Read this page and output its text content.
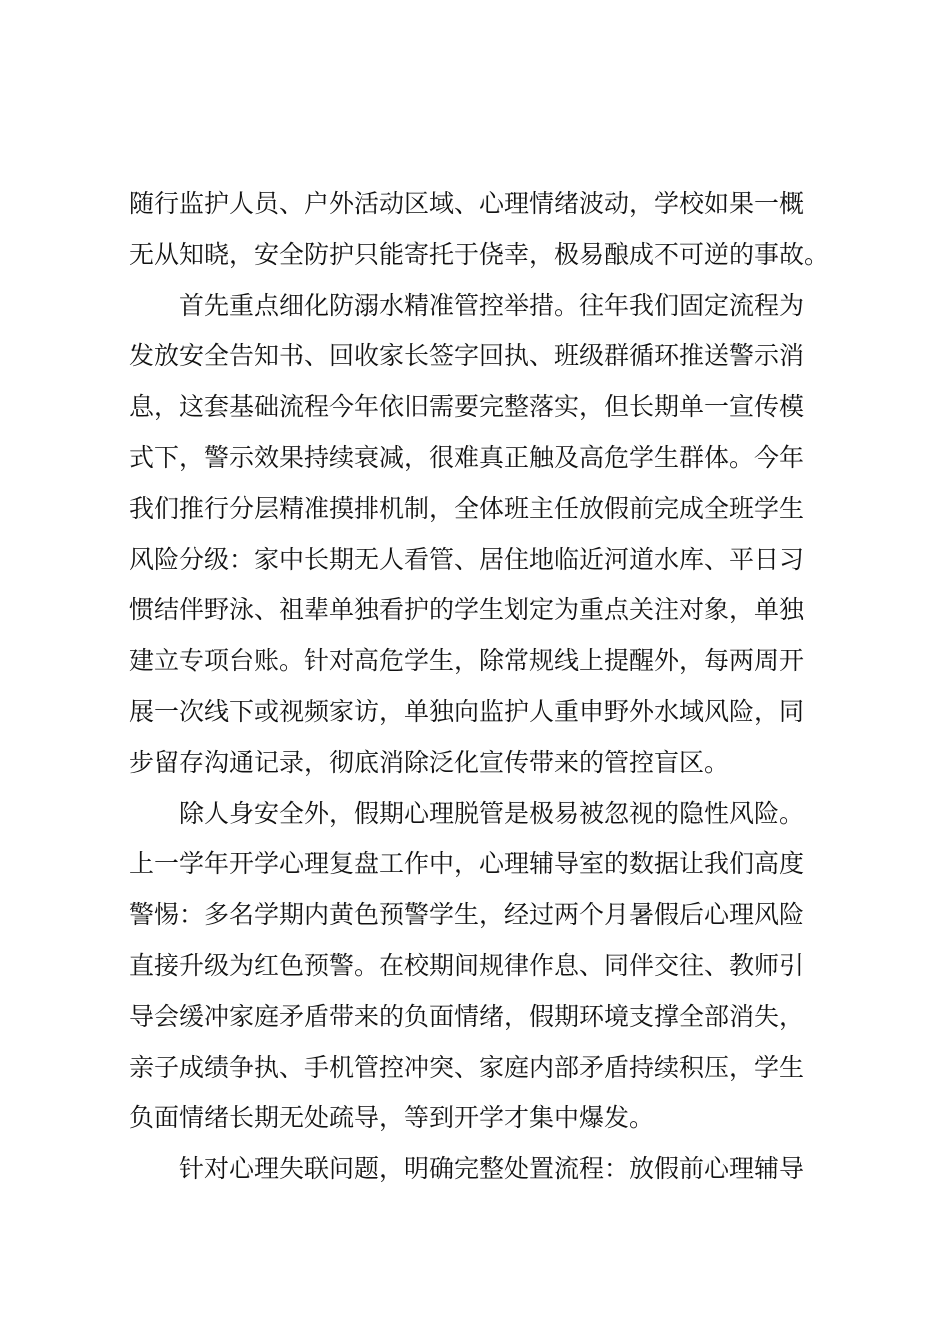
随行监护人员、户外活动区域、心理情绪波动，学校如果一概
无从知晓，安全防护只能寄托于侥幸，极易酿成不可逆的事故。
首先重点细化防溺水精准管控举措。往年我们固定流程为
发放安全告知书、回收家长签字回执、班级群循环推送警示消
息，这套基础流程今年依旧需要完整落实，但长期单一宣传模
式下，警示效果持续衰减，很难真正触及高危学生群体。今年
我们推行分层精准摸排机制，全体班主任放假前完成全班学生
风险分级：家中长期无人看管、居住地临近河道水库、平日习
惯结伴野泳、祖辈单独看护的学生划定为重点关注对象，单独
建立专项台账。针对高危学生，除常规线上提醒外，每两周开
展一次线下或视频家访，单独向监护人重申野外水域风险，同
步留存沟通记录，彻底消除泛化宣传带来的管控盲区。
除人身安全外，假期心理脱管是极易被忽视的隐性风险。
上一学年开学心理复盘工作中，心理辅导室的数据让我们高度
警惕：多名学期内黄色预警学生，经过两个月暑假后心理风险
直接升级为红色预警。在校期间规律作息、同伴交往、教师引
导会缓冲家庭矛盾带来的负面情绪，假期环境支撑全部消失，
亲子成绩争执、手机管控冲突、家庭内部矛盾持续积压，学生
负面情绪长期无处疏导，等到开学才集中爆发。
针对心理失联问题，明确完整处置流程：放假前心理辅导
